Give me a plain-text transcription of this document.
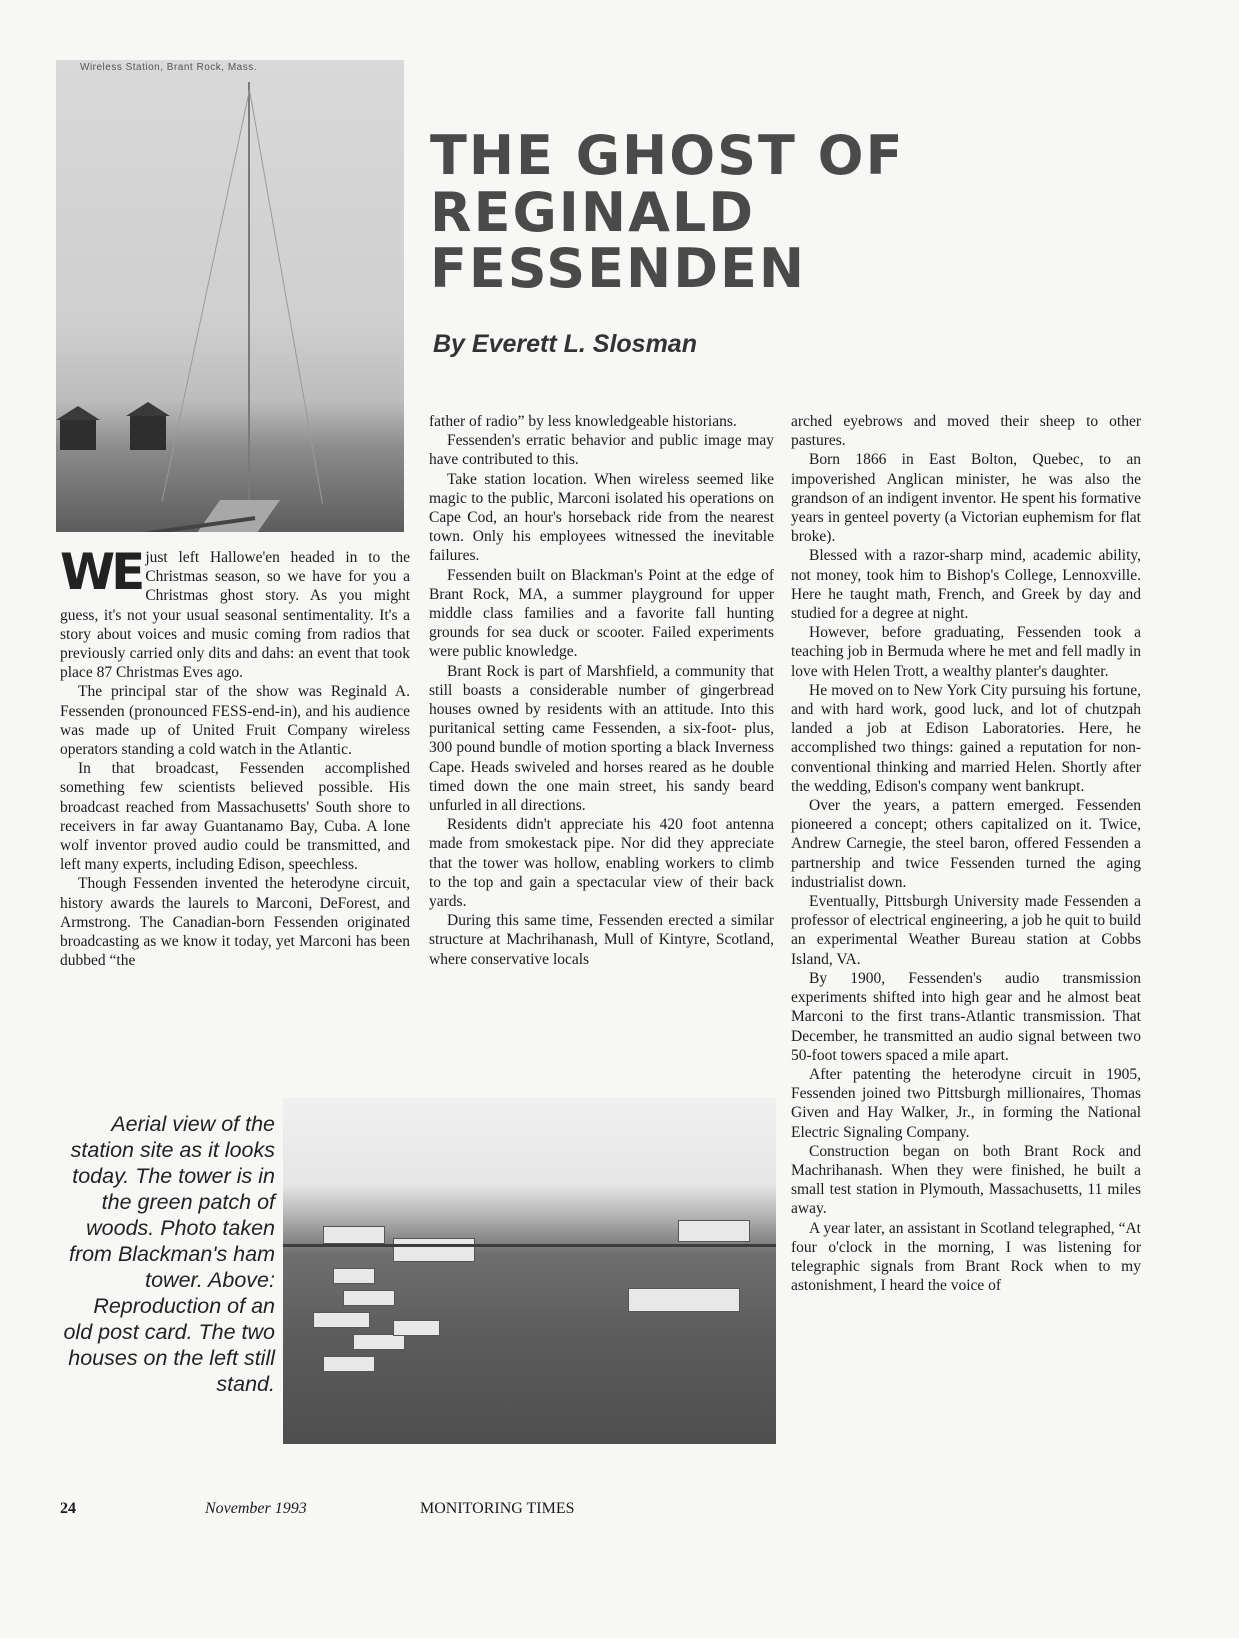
Wireless Station, Brant Rock, Mass.
THE GHOST OF
REGINALD FESSENDEN
By Everett L. Slosman

WE just left Hallowe'en headed in to the Christmas season, so we have for you a Christmas ghost story. As you might guess, it's not your usual seasonal sentimentality. It's a story about voices and music coming from radios that previously carried only dits and dahs: an event that took place 87 Christmas Eves ago.

The principal star of the show was Reginald A. Fessenden (pronounced FESS-end-in), and his audience was made up of United Fruit Company wireless operators standing a cold watch in the Atlantic.

In that broadcast, Fessenden accomplished something few scientists believed possible. His broadcast reached from Massachusetts' South shore to receivers in far away Guantanamo Bay, Cuba. A lone wolf inventor proved audio could be transmitted, and left many experts, including Edison, speechless.

Though Fessenden invented the heterodyne circuit, history awards the laurels to Marconi, DeForest, and Armstrong. The Canadian-born Fessenden originated broadcasting as we know it today, yet Marconi has been dubbed “the

father of radio” by less knowledgeable historians.

Fessenden's erratic behavior and public image may have contributed to this.

Take station location. When wireless seemed like magic to the public, Marconi isolated his operations on Cape Cod, an hour's horseback ride from the nearest town. Only his employees witnessed the inevitable failures.

Fessenden built on Blackman's Point at the edge of Brant Rock, MA, a summer playground for upper middle class families and a favorite fall hunting grounds for sea duck or scooter. Failed experiments were public knowledge.

Brant Rock is part of Marshfield, a community that still boasts a considerable number of gingerbread houses owned by residents with an attitude. Into this puritanical setting came Fessenden, a six-foot- plus, 300 pound bundle of motion sporting a black Inverness Cape. Heads swiveled and horses reared as he double timed down the one main street, his sandy beard unfurled in all directions.

Residents didn't appreciate his 420 foot antenna made from smokestack pipe. Nor did they appreciate that the tower was hollow, enabling workers to climb to the top and gain a spectacular view of their back yards.

During this same time, Fessenden erected a similar structure at Machrihanash, Mull of Kintyre, Scotland, where conservative locals

arched eyebrows and moved their sheep to other pastures.

Born 1866 in East Bolton, Quebec, to an impoverished Anglican minister, he was also the grandson of an indigent inventor. He spent his formative years in genteel poverty (a Victorian euphemism for flat broke).

Blessed with a razor-sharp mind, academic ability, not money, took him to Bishop's College, Lennoxville. Here he taught math, French, and Greek by day and studied for a degree at night.

However, before graduating, Fessenden took a teaching job in Bermuda where he met and fell madly in love with Helen Trott, a wealthy planter's daughter.

He moved on to New York City pursuing his fortune, and with hard work, good luck, and lot of chutzpah landed a job at Edison Laboratories. Here, he accomplished two things: gained a reputation for non-conventional thinking and married Helen. Shortly after the wedding, Edison's company went bankrupt.

Over the years, a pattern emerged. Fessenden pioneered a concept; others capitalized on it. Twice, Andrew Carnegie, the steel baron, offered Fessenden a partnership and twice Fessenden turned the aging industrialist down.

Eventually, Pittsburgh University made Fessenden a professor of electrical engineering, a job he quit to build an experimental Weather Bureau station at Cobbs Island, VA.

By 1900, Fessenden's audio transmission experiments shifted into high gear and he almost beat Marconi to the first trans-Atlantic transmission. That December, he transmitted an audio signal between two 50-foot towers spaced a mile apart.

After patenting the heterodyne circuit in 1905, Fessenden joined two Pittsburgh millionaires, Thomas Given and Hay Walker, Jr., in forming the National Electric Signaling Company.

Construction began on both Brant Rock and Machrihanash. When they were finished, he built a small test station in Plymouth, Massachusetts, 11 miles away.

A year later, an assistant in Scotland telegraphed, “At four o'clock in the morning, I was listening for telegraphic signals from Brant Rock when to my astonishment, I heard the voice of

Aerial view of the station site as it looks today. The tower is in the green patch of woods. Photo taken from Blackman's ham tower. Above: Reproduction of an old post card. The two houses on the left still stand.
24	November 1993	MONITORING TIMES
